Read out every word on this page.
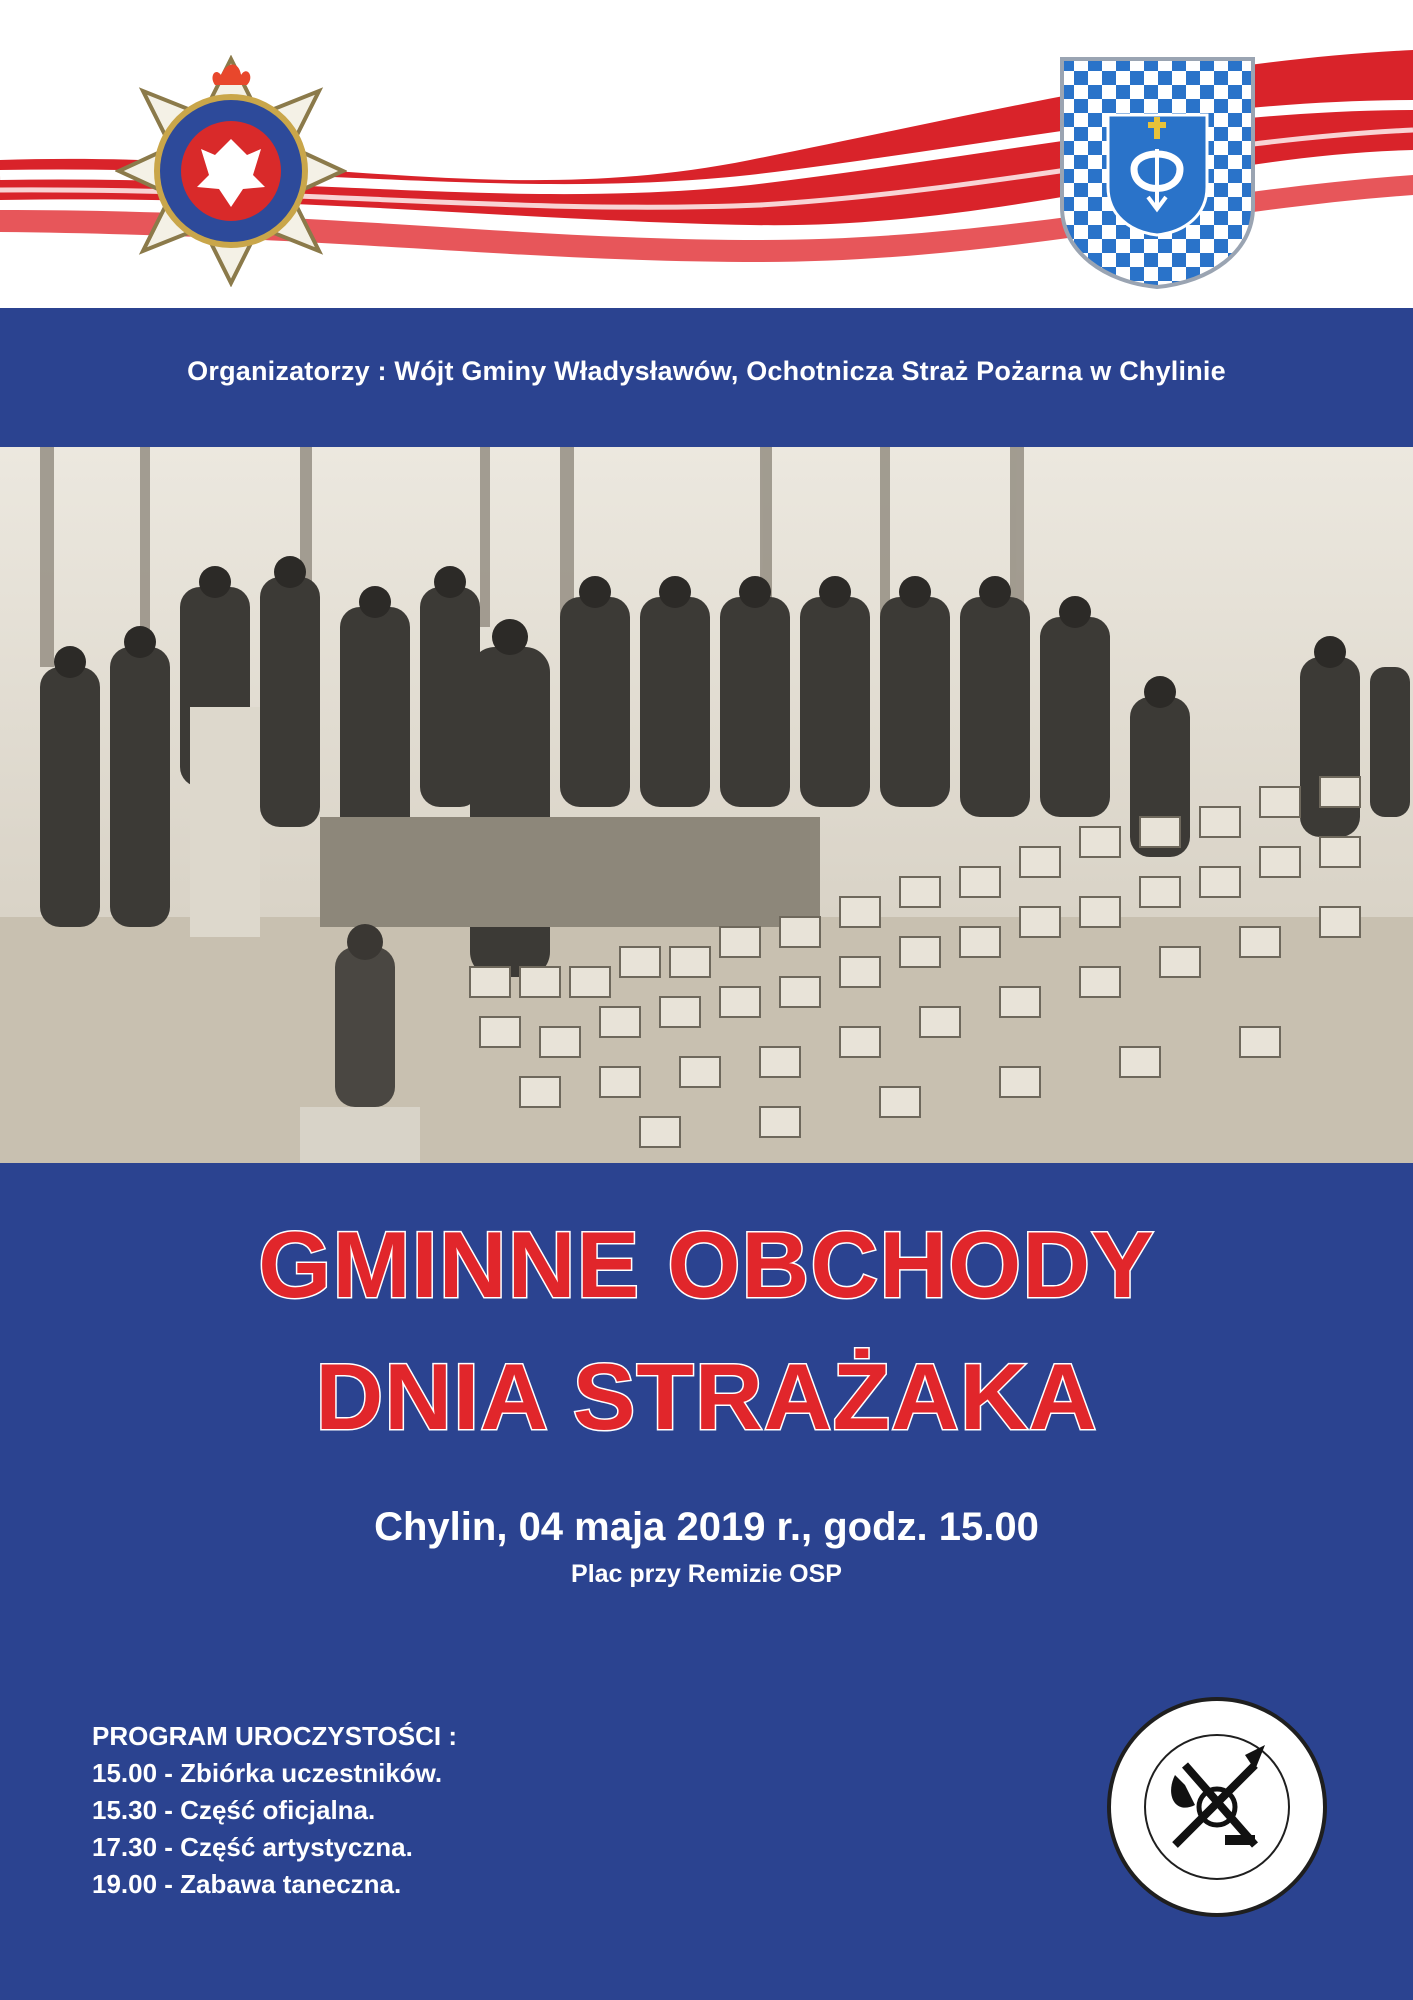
Organizatorzy : Wójt Gminy Władysławów, Ochotnicza Straż Pożarna w Chylinie
GMINNE OBCHODY
DNIA STRAŻAKA
Chylin, 04 maja 2019 r., godz. 15.00
Plac przy Remizie OSP
PROGRAM UROCZYSTOŚCI :
15.00 - Zbiórka uczestników.
15.30 - Część oficjalna.
17.30 - Część artystyczna.
19.00 - Zabawa taneczna.
